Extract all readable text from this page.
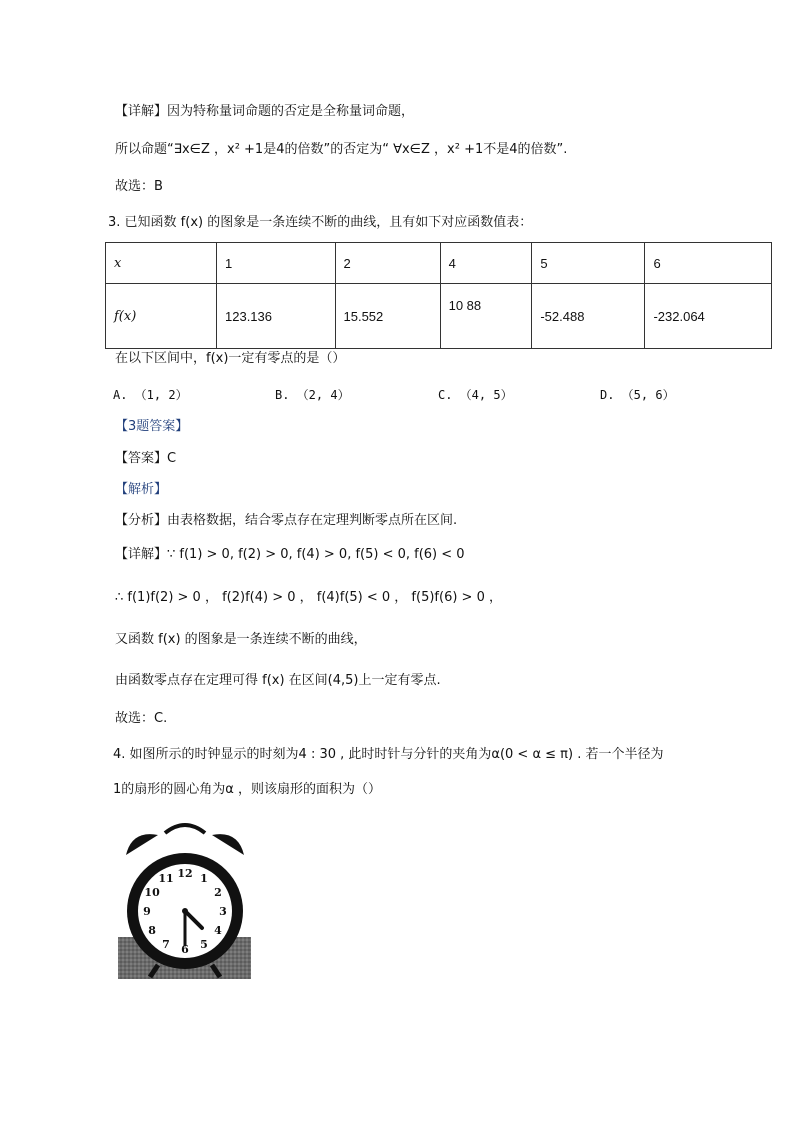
【详解】因为特称量词命题的否定是全称量词命题，
所以命题“∃x∈Z ，x² +1是4的倍数”的否定为“ ∀x∈Z ，x² +1不是4的倍数”.
故选：B
3. 已知函数 f(x) 的图象是一条连续不断的曲线，且有如下对应函数值表：
x	1	2	4	5	6
f(x)	123.136	15.552	10 88	-52.488	-232.064
在以下区间中，f(x)一定有零点的是（）
A. （1, 2）	B. （2, 4）	C. （4, 5）	D. （5, 6）
【3题答案】
【答案】C
【解析】
【分析】由表格数据，结合零点存在定理判断零点所在区间.
【详解】∵ f(1) > 0, f(2) > 0, f(4) > 0, f(5) < 0, f(6) < 0
∴ f(1)f(2) > 0 ， f(2)f(4) > 0 ， f(4)f(5) < 0 ， f(5)f(6) > 0 ，
又函数 f(x) 的图象是一条连续不断的曲线，
由函数零点存在定理可得 f(x) 在区间(4,5)上一定有零点.
故选：C.
4. 如图所示的时钟显示的时刻为4 : 30 , 此时时针与分针的夹角为α(0 < α ≤ π) . 若一个半径为
1的扇形的圆心角为α ，则该扇形的面积为（）
12 1
2
3
4
5
6
7
8
9
10
11
